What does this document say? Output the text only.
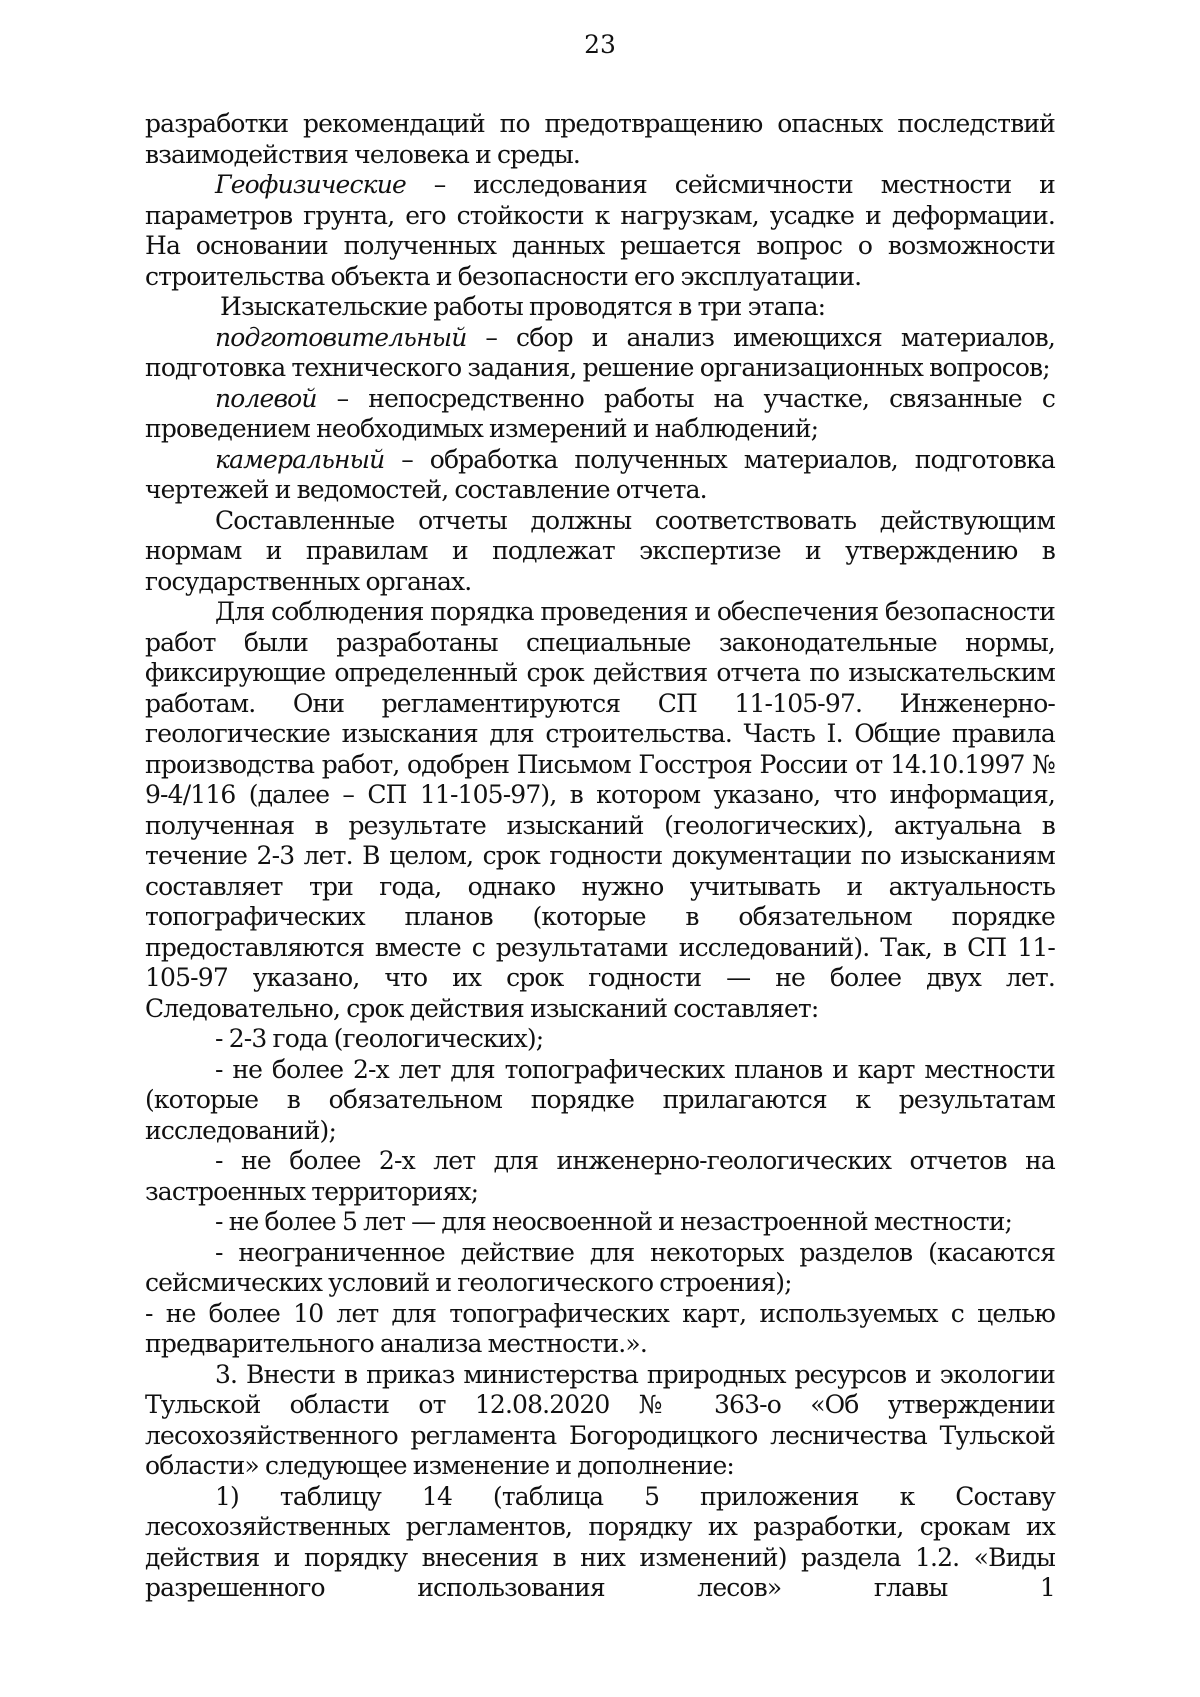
23

разработки рекомендаций по предотвращению опасных последствий взаимодействия человека и среды.

Геофизические – исследования сейсмичности местности и параметров грунта, его стойкости к нагрузкам, усадке и деформации. На основании полученных данных решается вопрос о возможности строительства объекта и безопасности его эксплуатации.

Изыскательские работы проводятся в три этапа:

подготовительный – сбор и анализ имеющихся материалов, подготовка технического задания, решение организационных вопросов;

полевой – непосредственно работы на участке, связанные с проведением необходимых измерений и наблюдений;

камеральный – обработка полученных материалов, подготовка чертежей и ведомостей, составление отчета.

Составленные отчеты должны соответствовать действующим нормам и правилам и подлежат экспертизе и утверждению в государственных органах.

Для соблюдения порядка проведения и обеспечения безопасности работ были разработаны специальные законодательные нормы, фиксирующие определенный срок действия отчета по изыскательским работам. Они регламентируются СП 11-105-97. Инженерно-геологические изыскания для строительства. Часть I. Общие правила производства работ, одобрен Письмом Госстроя России от 14.10.1997 № 9-4/116 (далее – СП 11-105-97), в котором указано, что информация, полученная в результате изысканий (геологических), актуальна в течение 2-3 лет. В целом, срок годности документации по изысканиям составляет три года, однако нужно учитывать и актуальность топографических планов (которые в обязательном порядке предоставляются вместе с результатами исследований). Так, в СП 11-105-97 указано, что их срок годности — не более двух лет. Следовательно, срок действия изысканий составляет:

- 2-3 года (геологических);

- не более 2-х лет для топографических планов и карт местности (которые в обязательном порядке прилагаются к результатам исследований);

- не более 2-х лет для инженерно-геологических отчетов на застроенных территориях;

- не более 5 лет — для неосвоенной и незастроенной местности;

- неограниченное действие для некоторых разделов (касаются сейсмических условий и геологического строения);

- не более 10 лет для топографических карт, используемых с целью предварительного анализа местности.».

3. Внести в приказ министерства природных ресурсов и экологии Тульской области от 12.08.2020 № 363-о «Об утверждении лесохозяйственного регламента Богородицкого лесничества Тульской области» следующее изменение и дополнение:

1) таблицу 14 (таблица 5 приложения к Составу лесохозяйственных регламентов, порядку их разработки, срокам их действия и порядку внесения в них изменений) раздела 1.2. «Виды разрешенного использования лесов» главы 1
